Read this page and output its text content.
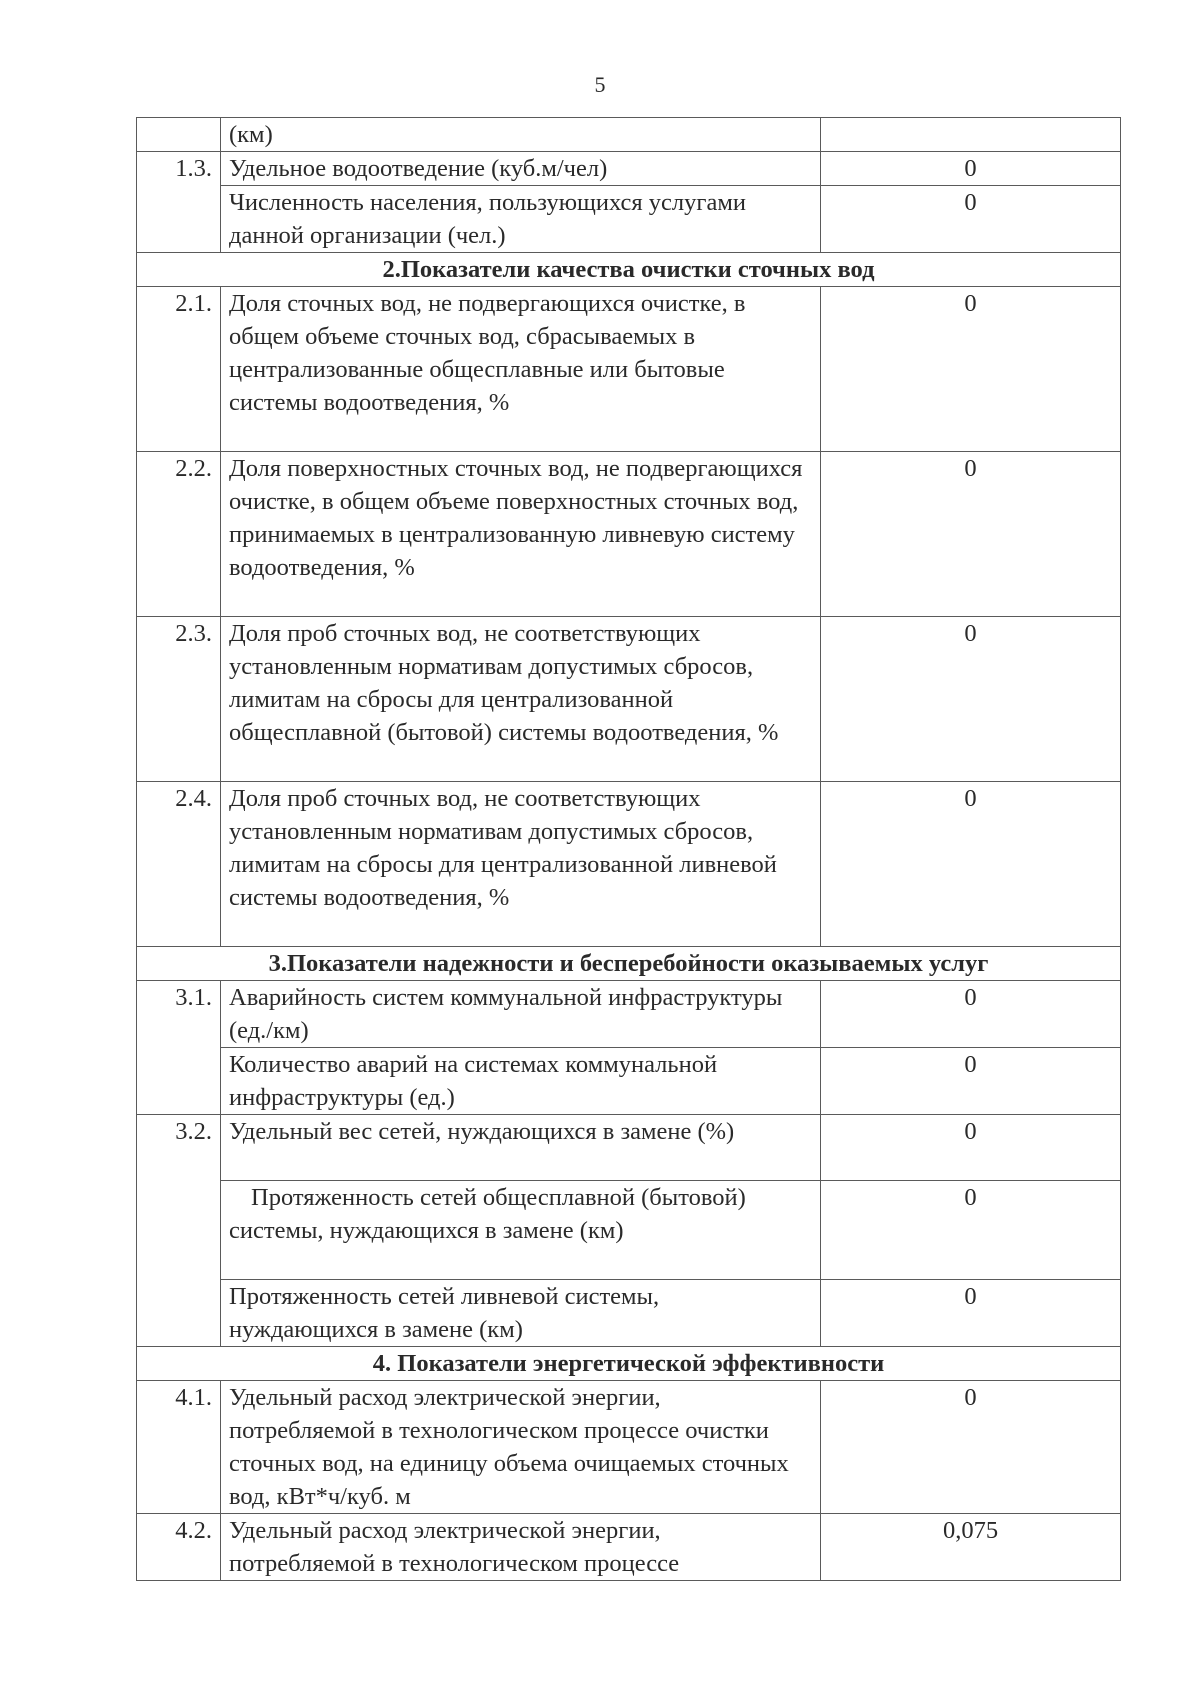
5
	(км)	
1.3.	Удельное водоотведение (куб.м/чел)	0
	Численность населения, пользующихся услугами данной организации (чел.)	0
2.Показатели качества очистки сточных вод		
2.1.	Доля сточных вод, не подвергающихся очистке, в общем объеме сточных вод, сбрасываемых в централизованные общесплавные или бытовые системы водоотведения, %	0
2.2.	Доля поверхностных сточных вод, не подвергающихся очистке, в общем объеме поверхностных сточных вод, принимаемых в централизованную ливневую систему водоотведения, %	0
2.3.	Доля проб сточных вод, не соответствующих установленным нормативам допустимых сбросов, лимитам на сбросы для централизованной общесплавной (бытовой) системы водоотведения, %	0
2.4.	Доля проб сточных вод, не соответствующих установленным нормативам допустимых сбросов, лимитам на сбросы для централизованной ливневой системы водоотведения, %	0
3.Показатели надежности и бесперебойности оказываемых услуг		
3.1.	Аварийность систем коммунальной инфраструктуры (ед./км)	0
	Количество аварий на системах коммунальной инфраструктуры (ед.)	0
3.2.	Удельный вес сетей, нуждающихся в замене (%)	0
	Протяженность сетей общесплавной (бытовой) системы, нуждающихся в замене (км)	0
	Протяженность сетей ливневой системы, нуждающихся в замене (км)	0
4. Показатели энергетической эффективности		
4.1.	Удельный расход электрической энергии, потребляемой в технологическом процессе очистки сточных вод, на единицу объема очищаемых сточных вод, кВт*ч/куб. м	0
4.2.	Удельный расход электрической энергии, потребляемой в технологическом процессе	0,075
